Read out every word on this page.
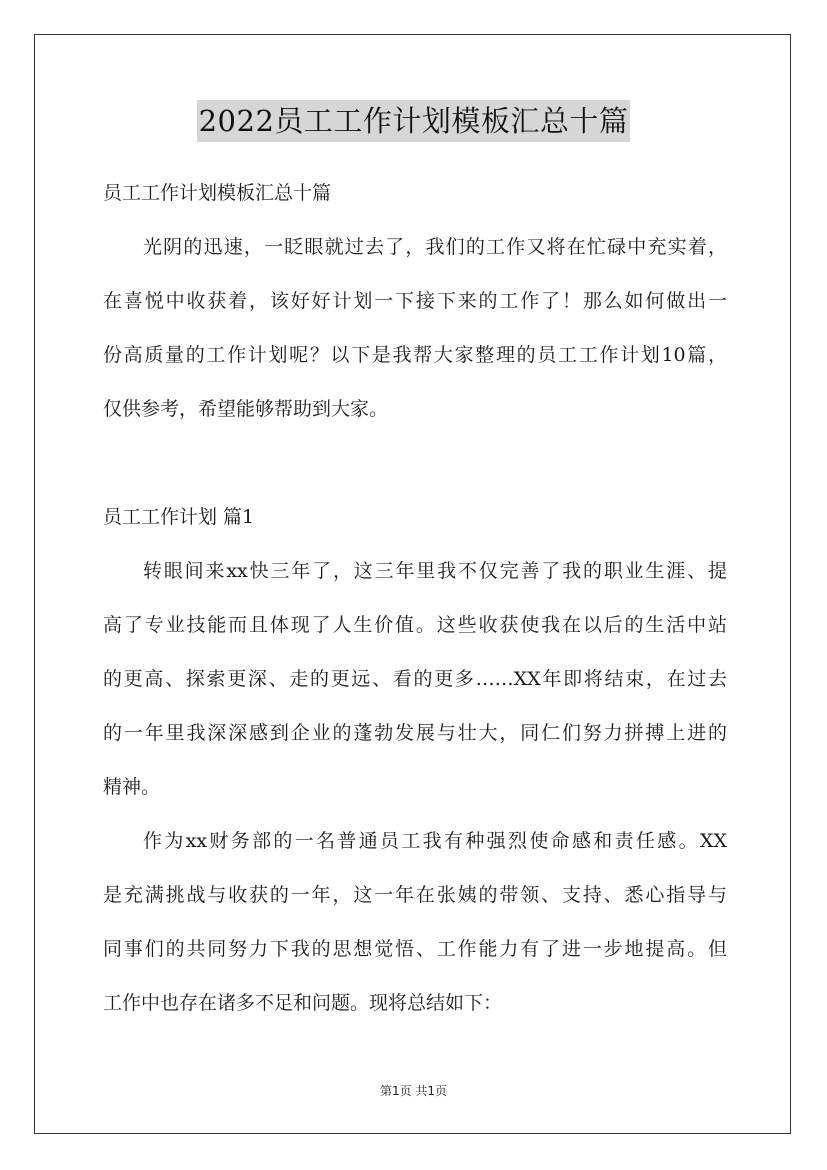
2022员工工作计划模板汇总十篇
员工工作计划模板汇总十篇
光阴的迅速，一眨眼就过去了，我们的工作又将在忙碌中充实着，
在喜悦中收获着，该好好计划一下接下来的工作了！那么如何做出一
份高质量的工作计划呢？以下是我帮大家整理的员工工作计划10篇，
仅供参考，希望能够帮助到大家。
员工工作计划 篇1
转眼间来xx快三年了，这三年里我不仅完善了我的职业生涯、提
高了专业技能而且体现了人生价值。这些收获使我在以后的生活中站
的更高、探索更深、走的更远、看的更多……XX年即将结束，在过去
的一年里我深深感到企业的蓬勃发展与壮大，同仁们努力拼搏上进的
精神。
作为xx财务部的一名普通员工我有种强烈使命感和责任感。XX
是充满挑战与收获的一年，这一年在张姨的带领、支持、悉心指导与
同事们的共同努力下我的思想觉悟、工作能力有了进一步地提高。但
工作中也存在诸多不足和问题。现将总结如下：
第1页 共1页
